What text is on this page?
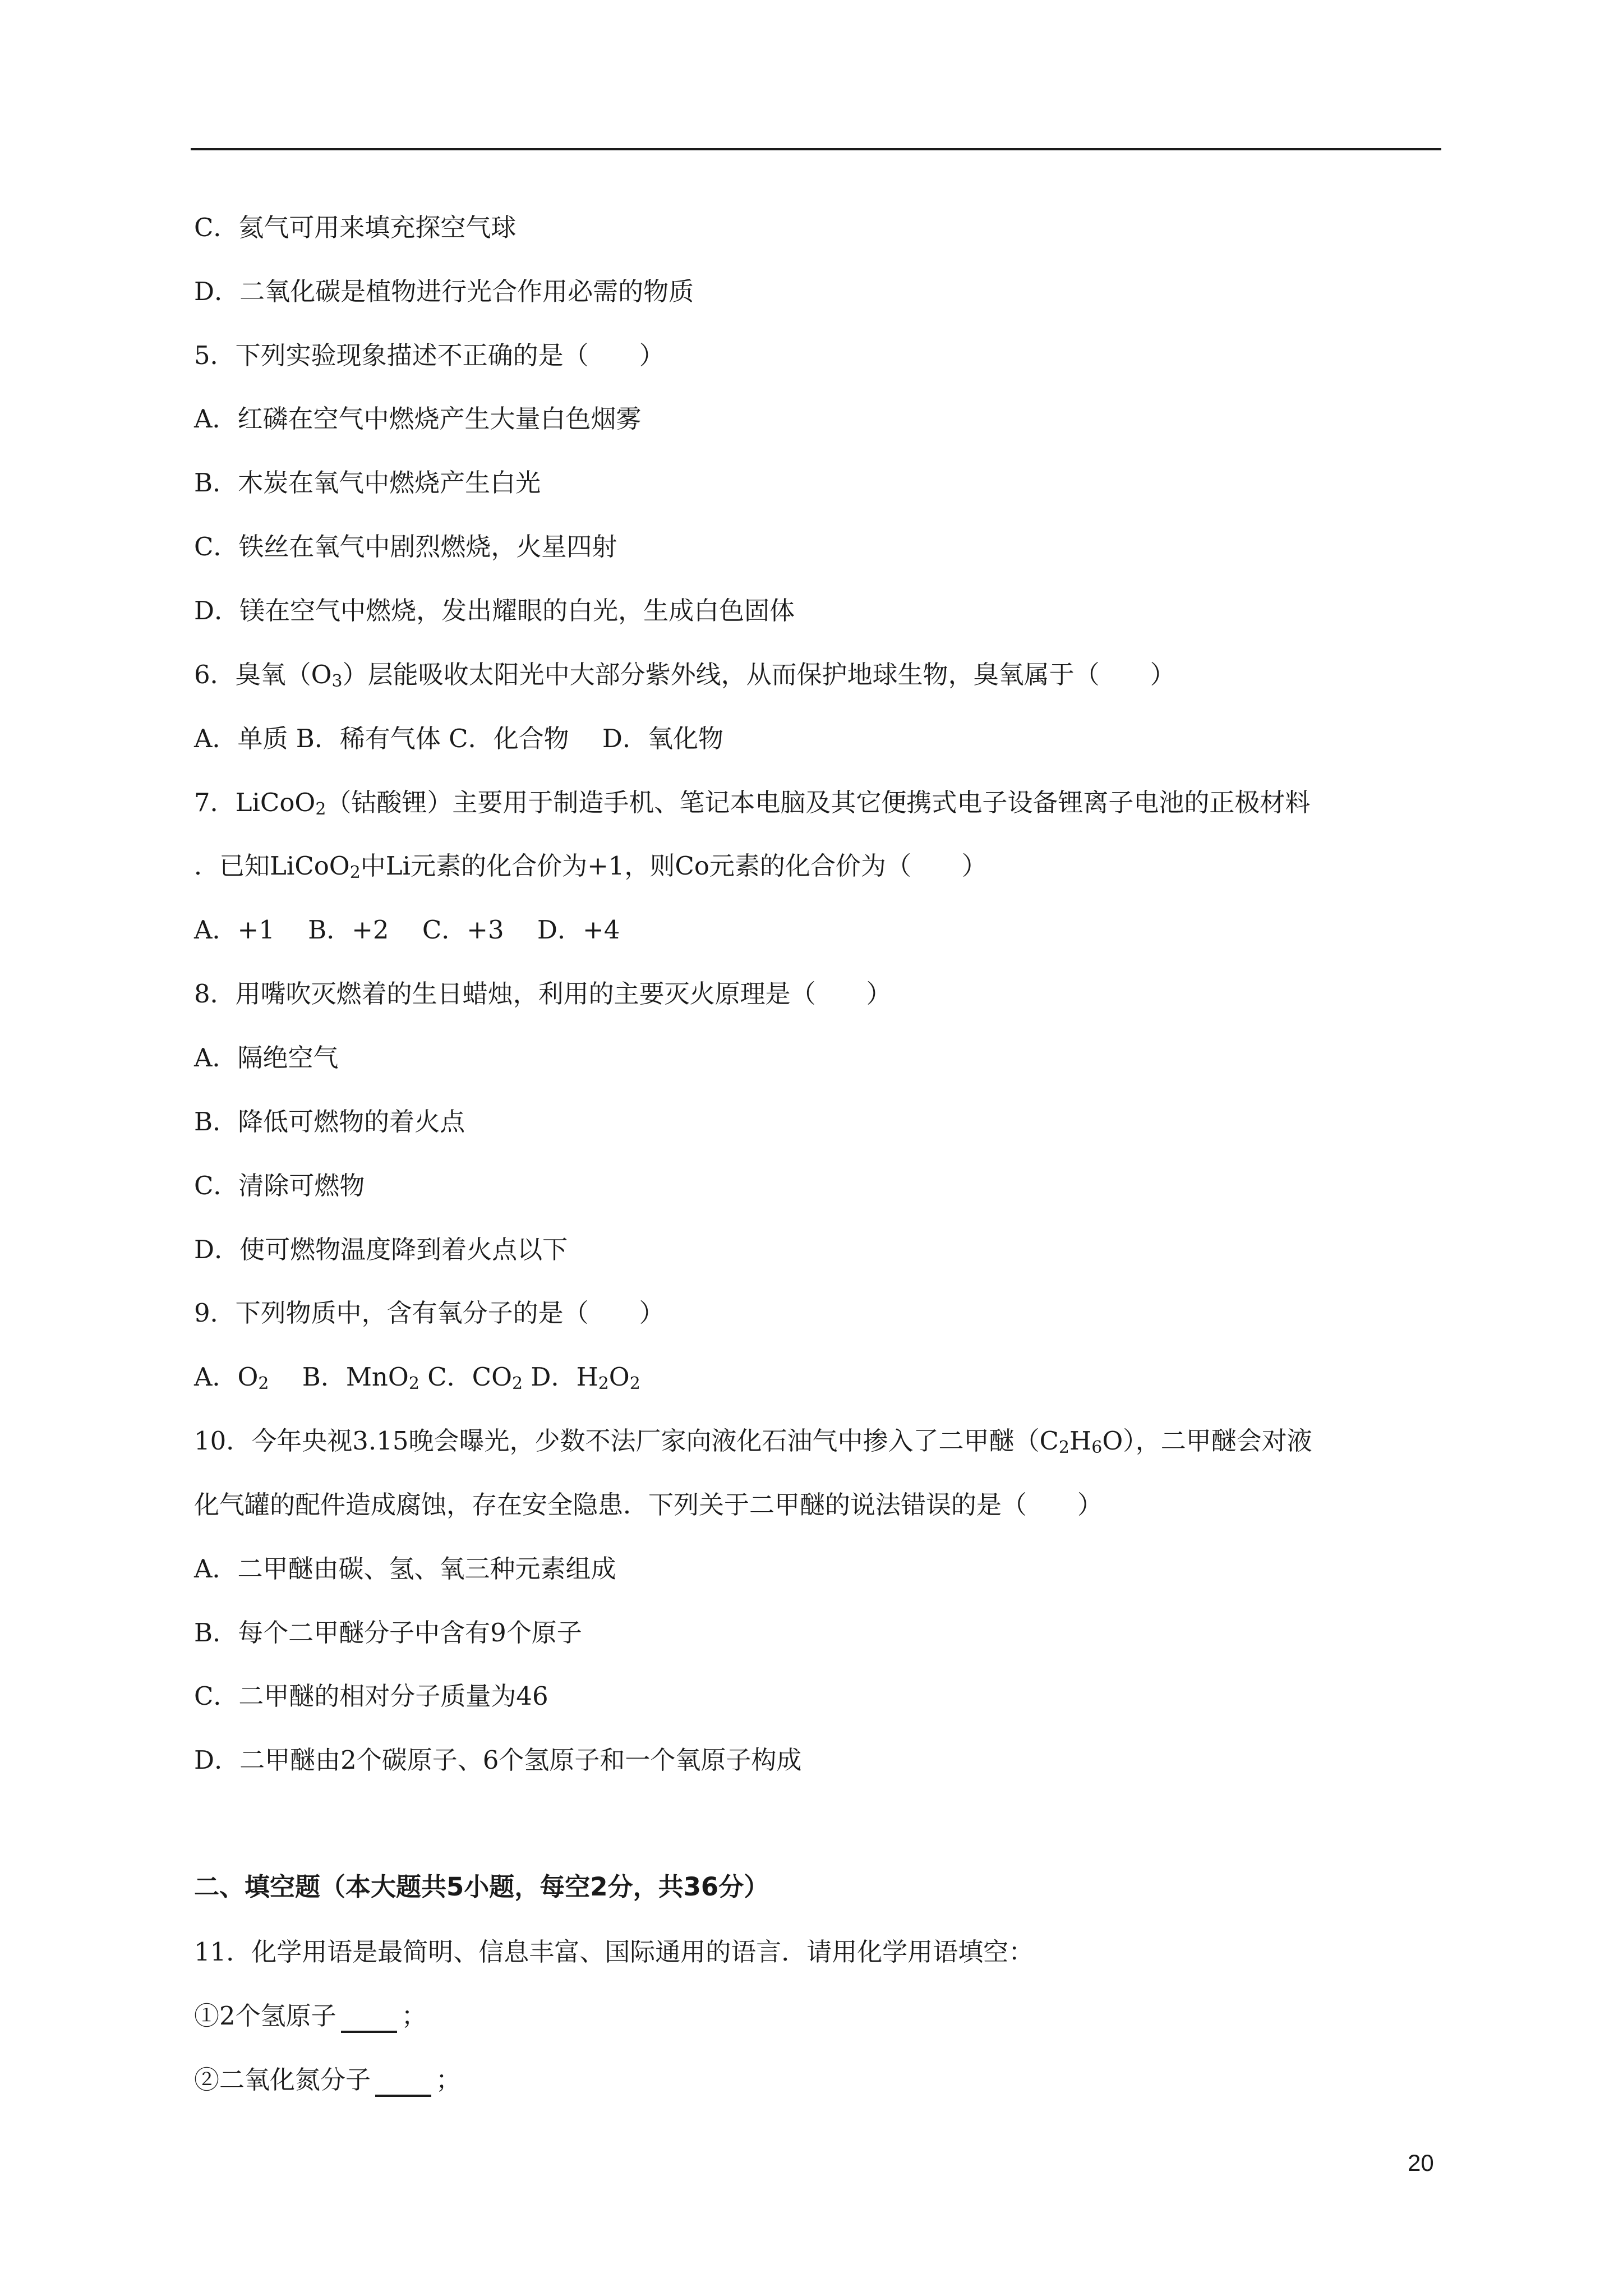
C．氦气可用来填充探空气球
D．二氧化碳是植物进行光合作用必需的物质
5．下列实验现象描述不正确的是（　　）
A．红磷在空气中燃烧产生大量白色烟雾
B．木炭在氧气中燃烧产生白光
C．铁丝在氧气中剧烈燃烧，火星四射
D．镁在空气中燃烧，发出耀眼的白光，生成白色固体
6．臭氧$(O_3)$层能吸收太阳光中大部分紫外线，从而保护地球生物，臭氧属于（　　）
A．单质 B．稀有气体 C．化合物　 D．氧化物
7．LiCoO$_2$（钴酸锂）主要用于制造手机、笔记本电脑及其它便携式电子设备锂离子电池的正极材料
．已知LiCoO$_2$中Li元素的化合价为+1，则Co元素的化合价为（　　）
A．+1　 B．+2　 C．+3　 D．+4
8．用嘴吹灭燃着的生日蜡烛，利用的主要灭火原理是（　　）
A．隔绝空气
B．降低可燃物的着火点
C．清除可燃物
D．使可燃物温度降到着火点以下
9．下列物质中，含有氧分子的是（　　）
A．$O_2$　 B．MnO$_2$ C．$CO_2$ D．$H_2O_2$
10．今年央视3.15晚会曝光，少数不法厂家向液化石油气中掺入了二甲醚$(C_2H_6O)$，二甲醚会对液
化气罐的配件造成腐蚀，存在安全隐患．下列关于二甲醚的说法错误的是（　　）
A．二甲醚由碳、氢、氧三种元素组成
B．每个二甲醚分子中含有9个原子
C．二甲醚的相对分子质量为46
D．二甲醚由2个碳原子、6个氢原子和一个氧原子构成
二、填空题（本大题共5小题，每空2分，共36分）
11．化学用语是最简明、信息丰富、国际通用的语言．请用化学用语填空：
①2个氢原子	；
②二氧化氮分子	；
20
